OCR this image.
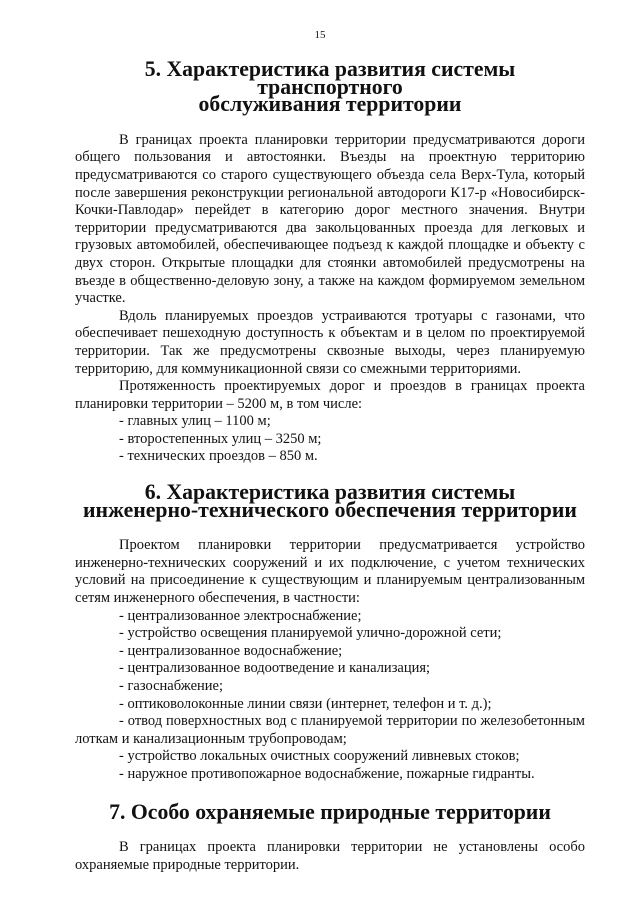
15
5. Характеристика развития системы транспортного
обслуживания территории

В границах проекта планировки территории предусматриваются дороги общего пользования и автостоянки. Въезды на проектную территорию предусматриваются со старого существующего объезда села Верх-Тула, который после завершения реконструкции региональной автодороги К17-р «Новосибирск-Кочки-Павлодар» перейдет в категорию дорог местного значения. Внутри территории предусматриваются два закольцованных проезда для легковых и грузовых автомобилей, обеспечивающее подъезд к каждой площадке и объекту с двух сторон. Открытые площадки для стоянки автомобилей предусмотрены на въезде в общественно-деловую зону, а также на каждом формируемом земельном участке.

Вдоль планируемых проездов устраиваются тротуары с газонами, что обеспечивает пешеходную доступность к объектам и в целом по проектируемой территории. Так же предусмотрены сквозные выходы, через планируемую территорию, для коммуникационной связи со смежными территориями.

Протяженность проектируемых дорог и проездов в границах проекта планировки территории – 5200 м, в том числе:

- главных улиц – 1100 м;

- второстепенных улиц – 3250 м;

- технических проездов – 850 м.

6. Характеристика развития системы
инженерно-технического обеспечения территории

Проектом планировки территории предусматривается устройство инженерно-технических сооружений и их подключение, с учетом технических условий на присоединение к существующим и планируемым централизованным сетям инженерного обеспечения, в частности:

- централизованное электроснабжение;

- устройство освещения планируемой улично-дорожной сети;

- централизованное водоснабжение;

- централизованное водоотведение и канализация;

- газоснабжение;

- оптиковолоконные линии связи (интернет, телефон и т. д.);

- отвод поверхностных вод с планируемой территории по железобетонным лоткам и канализационным трубопроводам;

- устройство локальных очистных сооружений ливневых стоков;

- наружное противопожарное водоснабжение, пожарные гидранты.

7. Особо охраняемые природные территории

В границах проекта планировки территории не установлены особо охраняемые природные территории.
